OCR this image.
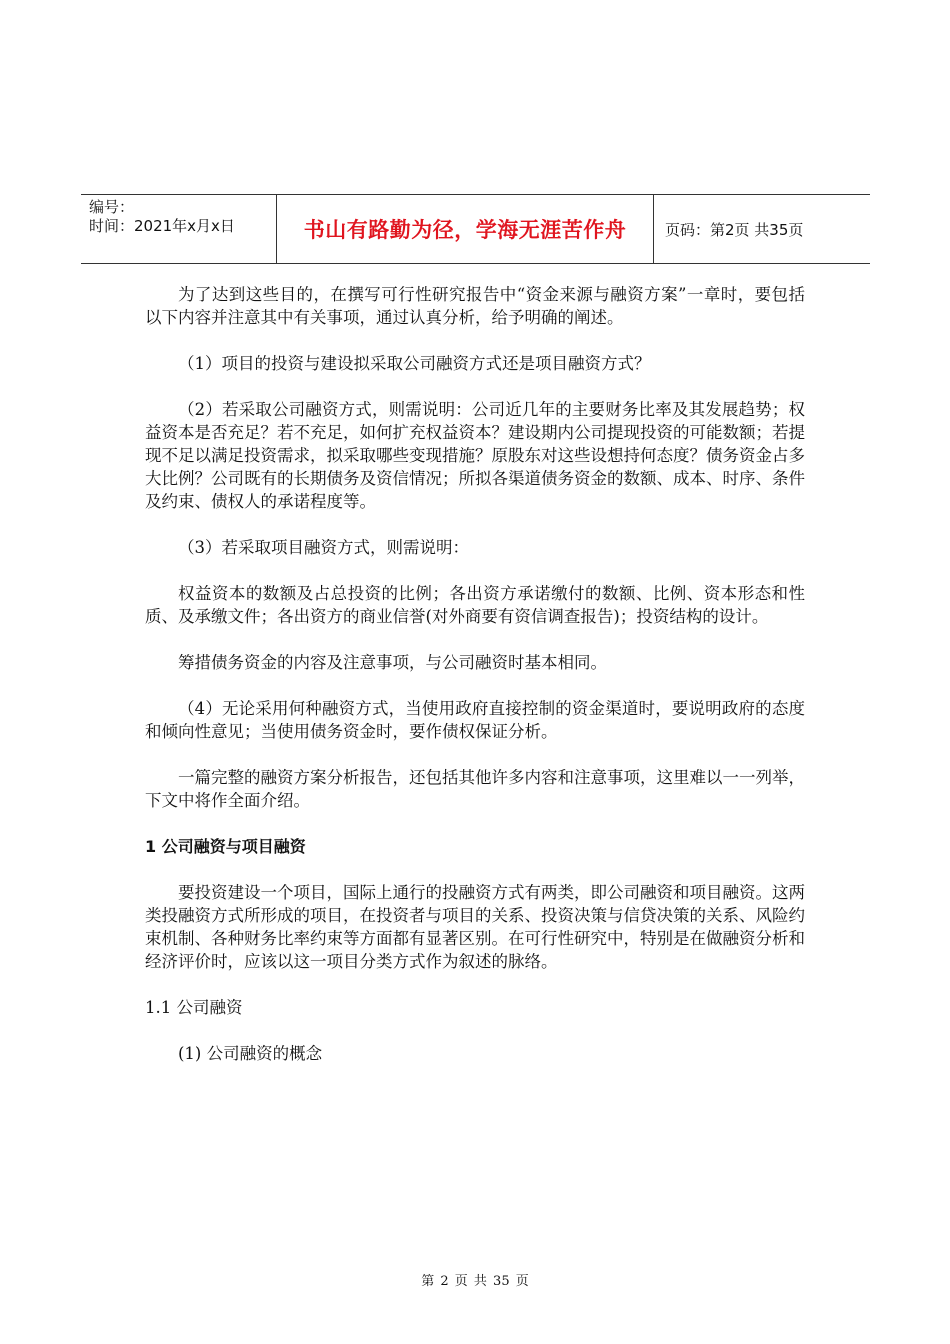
编号：
时间：2021年x月x日	书山有路勤为径，学海无涯苦作舟	页码：第2页 共35页

为了达到这些目的，在撰写可行性研究报告中“资金来源与融资方案”一章时，要包括以下内容并注意其中有关事项，通过认真分析，给予明确的阐述。

（1）项目的投资与建设拟采取公司融资方式还是项目融资方式？

（2）若采取公司融资方式，则需说明：公司近几年的主要财务比率及其发展趋势；权益资本是否充足？若不充足，如何扩充权益资本？建设期内公司提现投资的可能数额；若提现不足以满足投资需求，拟采取哪些变现措施？原股东对这些设想持何态度？债务资金占多大比例？公司既有的长期债务及资信情况；所拟各渠道债务资金的数额、成本、时序、条件及约束、债权人的承诺程度等。

（3）若采取项目融资方式，则需说明：

权益资本的数额及占总投资的比例；各出资方承诺缴付的数额、比例、资本形态和性质、及承缴文件；各出资方的商业信誉(对外商要有资信调查报告)；投资结构的设计。

筹措债务资金的内容及注意事项，与公司融资时基本相同。

（4）无论采用何种融资方式，当使用政府直接控制的资金渠道时，要说明政府的态度和倾向性意见；当使用债务资金时，要作债权保证分析。

一篇完整的融资方案分析报告，还包括其他许多内容和注意事项，这里难以一一列举，下文中将作全面介绍。

1 公司融资与项目融资

要投资建设一个项目，国际上通行的投融资方式有两类，即公司融资和项目融资。这两类投融资方式所形成的项目，在投资者与项目的关系、投资决策与信贷决策的关系、风险约束机制、各种财务比率约束等方面都有显著区别。在可行性研究中，特别是在做融资分析和经济评价时，应该以这一项目分类方式作为叙述的脉络。

1.1 公司融资
(1) 公司融资的概念
第 2 页 共 35 页
